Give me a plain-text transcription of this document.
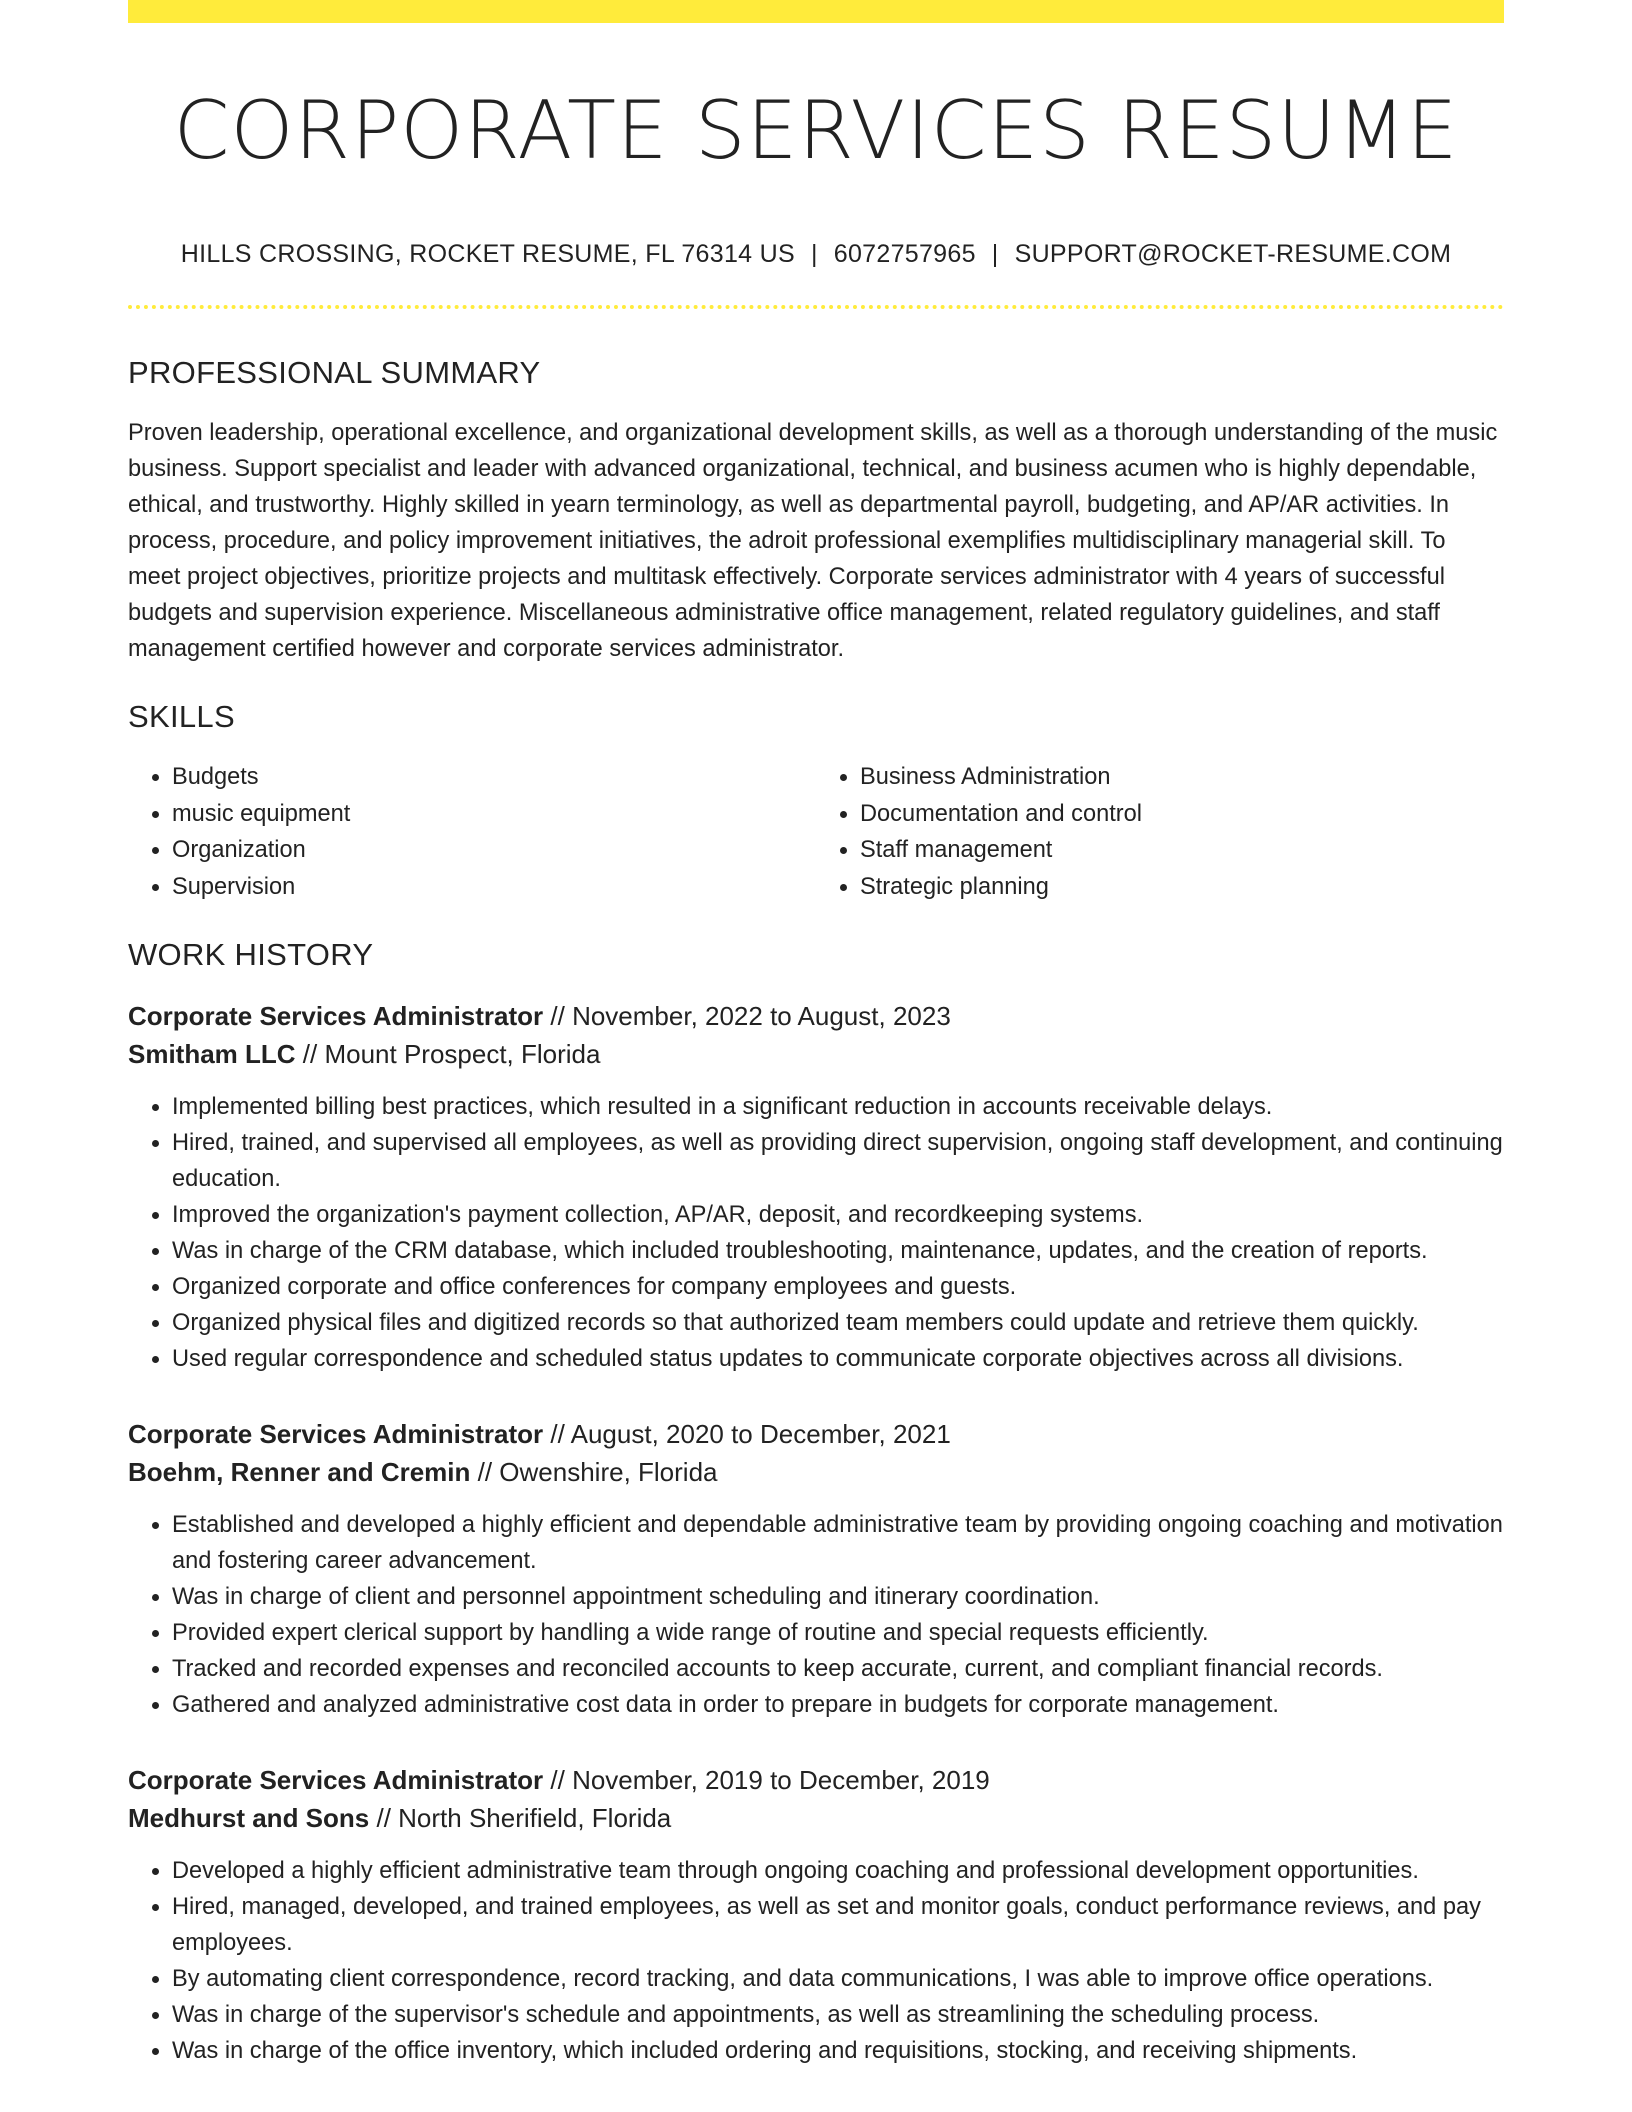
CORPORATE SERVICES RESUME
HILLS CROSSING, ROCKET RESUME, FL 76314 US | 6072757965 | SUPPORT@ROCKET-RESUME.COM
PROFESSIONAL SUMMARY

Proven leadership, operational excellence, and organizational development skills, as well as a thorough understanding of the music business. Support specialist and leader with advanced organizational, technical, and business acumen who is highly dependable, ethical, and trustworthy. Highly skilled in yearn terminology, as well as departmental payroll, budgeting, and AP/AR activities. In process, procedure, and policy improvement initiatives, the adroit professional exemplifies multidisciplinary managerial skill. To meet project objectives, prioritize projects and multitask effectively. Corporate services administrator with 4 years of successful budgets and supervision experience. Miscellaneous administrative office management, related regulatory guidelines, and staff management certified however and corporate services administrator.

SKILLS
• Budgets
• music equipment
• Organization
• Supervision
• Business Administration
• Documentation and control
• Staff management
• Strategic planning
WORK HISTORY
Corporate Services Administrator // November, 2022 to August, 2023
Smitham LLC // Mount Prospect, Florida
• Implemented billing best practices, which resulted in a significant reduction in accounts receivable delays.
• Hired, trained, and supervised all employees, as well as providing direct supervision, ongoing staff development, and continuing education.
• Improved the organization's payment collection, AP/AR, deposit, and recordkeeping systems.
• Was in charge of the CRM database, which included troubleshooting, maintenance, updates, and the creation of reports.
• Organized corporate and office conferences for company employees and guests.
• Organized physical files and digitized records so that authorized team members could update and retrieve them quickly.
• Used regular correspondence and scheduled status updates to communicate corporate objectives across all divisions.
Corporate Services Administrator // August, 2020 to December, 2021
Boehm, Renner and Cremin // Owenshire, Florida
• Established and developed a highly efficient and dependable administrative team by providing ongoing coaching and motivation and fostering career advancement.
• Was in charge of client and personnel appointment scheduling and itinerary coordination.
• Provided expert clerical support by handling a wide range of routine and special requests efficiently.
• Tracked and recorded expenses and reconciled accounts to keep accurate, current, and compliant financial records.
• Gathered and analyzed administrative cost data in order to prepare in budgets for corporate management.
Corporate Services Administrator // November, 2019 to December, 2019
Medhurst and Sons // North Sherifield, Florida
• Developed a highly efficient administrative team through ongoing coaching and professional development opportunities.
• Hired, managed, developed, and trained employees, as well as set and monitor goals, conduct performance reviews, and pay employees.
• By automating client correspondence, record tracking, and data communications, I was able to improve office operations.
• Was in charge of the supervisor's schedule and appointments, as well as streamlining the scheduling process.
• Was in charge of the office inventory, which included ordering and requisitions, stocking, and receiving shipments.
